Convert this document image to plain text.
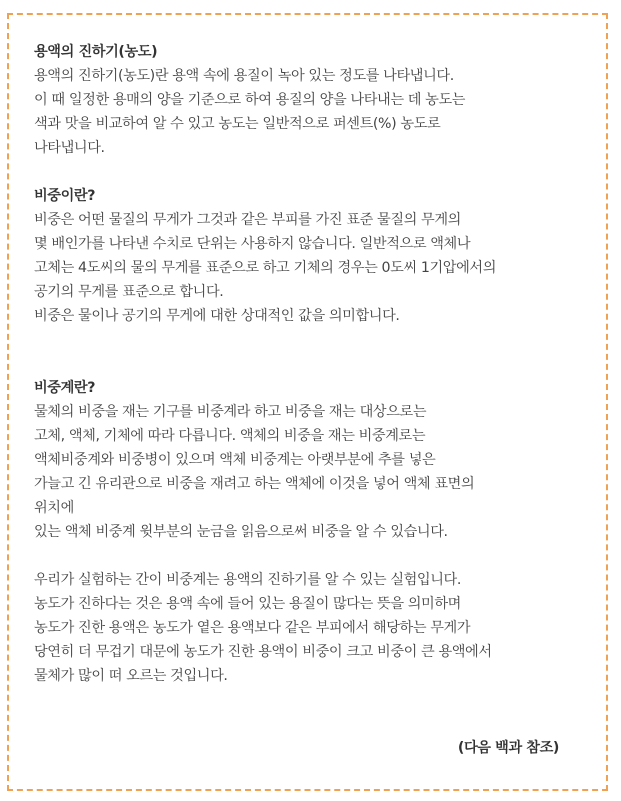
용액의 진하기(농도)
용액의 진하기(농도)란 용액 속에 용질이 녹아 있는 정도를 나타냅니다.
이 때 일정한 용매의 양을 기준으로 하여 용질의 양을 나타내는 데 농도는
색과 맛을 비교하여 알 수 있고 농도는 일반적으로 퍼센트(%) 농도로
나타냅니다.
비중이란?
비중은 어떤 물질의 무게가 그것과 같은 부피를 가진 표준 물질의 무게의
몇 배인가를 나타낸 수치로 단위는 사용하지 않습니다. 일반적으로 액체나
고체는 4도씨의 물의 무게를 표준으로 하고 기체의 경우는 0도씨 1기압에서의
공기의 무게를 표준으로 합니다.
비중은 물이나 공기의 무게에 대한 상대적인 값을 의미합니다.
비중계란?
물체의 비중을 재는 기구를 비중계라 하고 비중을 재는 대상으로는
고체, 액체, 기체에 따라 다릅니다. 액체의 비중을 재는 비중계로는
액체비중계와 비중병이 있으며 액체 비중계는 아랫부분에 추를 넣은
가늘고 긴 유리관으로 비중을 재려고 하는 액체에 이것을 넣어 액체 표면의
위치에
있는 액체 비중계 윗부분의 눈금을 읽음으로써 비중을 알 수 있습니다.
우리가 실험하는 간이 비중계는 용액의 진하기를 알 수 있는 실험입니다.
농도가 진하다는 것은 용액 속에 들어 있는 용질이 많다는 뜻을 의미하며
농도가 진한 용액은 농도가 옅은 용액보다 같은 부피에서 해당하는 무게가
당연히 더 무겁기 대문에 농도가 진한 용액이 비중이 크고 비중이 큰 용액에서
물체가 많이 떠 오르는 것입니다.
(다음 백과 참조)
